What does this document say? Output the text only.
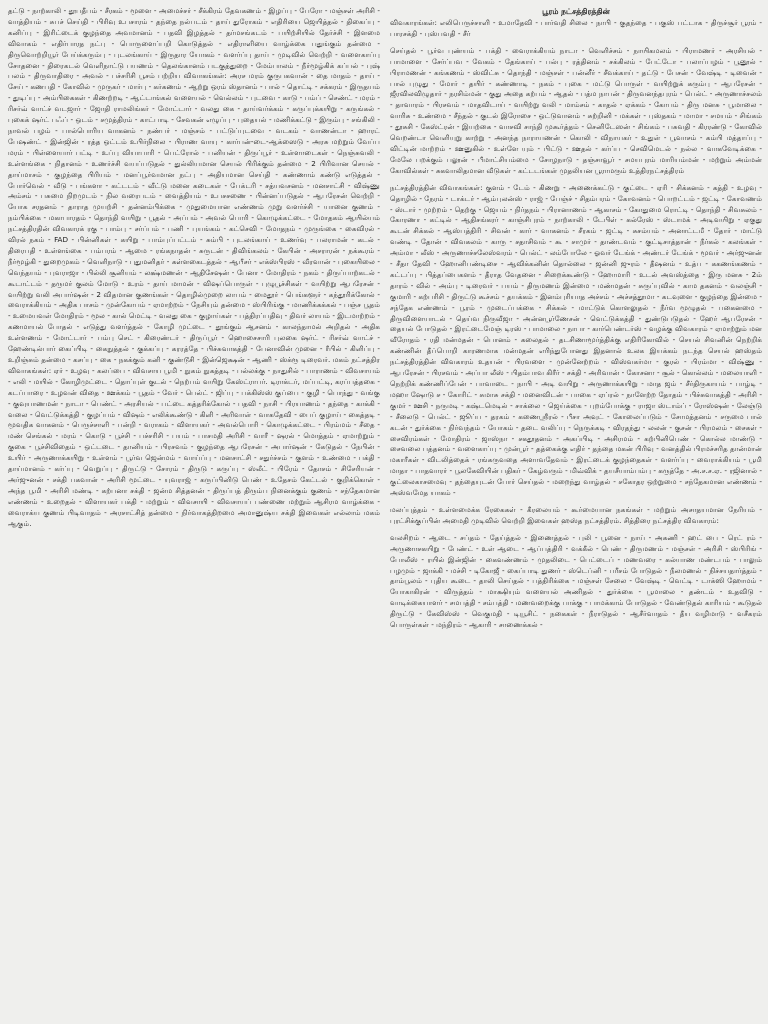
தட்டு - நாற்காலி - தூபதீபம் - சீரகம் - மூளை - அமைச்சர் - சீக்கிரம் தேவகணம் - இழப்பு - பேரோ - மஞ்சள் அரிசி - வாத்தியம் - சுபச் செய்தி - பிரிவு உபசாரம் - தந்தை நல்படம் - தாய் துரோகம் - எதிரியை ஜெயித்தல் - திகைப்பு - கனிப்பு - இரிட்டைக் குழந்தை அவமானம் - பதவி இழத்தல் - தர்மசங்கடம் - பயிற்சியில் தேர்ச்சி - இளமை விவாகம் - எதிர்பாரத நட்பு - பொருளைப்பறி கொடுத்தல் - எதிராளியை வாழ்க்கை பதுங்கும் தன்மை - திருவொற்றியூர் பேய்க்கரும்பு - புடலங்காய் - இருதார யோகம் - வளர்ப்பு தாய் - முடிவில் வெற்றி - வளைகாப்பு சோதனை - திரைகடல் வெளிநாட்டு பயணம் - தெலங்கானம் படகுத்துறை - மேம்பாலம் - நீர்மூழ்கிக் கப்பல் - புஷ் பலம் - திருவாதிரை - அவல் - பச்சரிசி பூசம் பற்றிய விவாகங்கள்: அரச மரம் குருபகவான் - தை மாதம் - தாய் - சேய் - கணபதி - கோவில் - முருகர் - மார்பு - கர்கணம் - ஆற்று ஒரம் ஸ்தானம் - பால் - தொட்டி - சக்கரம் - இருதயம் - துடிப்பு - அம்பிகைகள் - கிணற்றடி - ஆட்டாங்கல் வளையல் - வெல்லம் - புடவை - காடு - பம்ப் - செண்ட் - மரம் - ரிசர்வ் வாட்ச் வடஜார் - ஜோதி ராமலிங்கர் - மோட்டார் - வலது கை - தாய்வர்க்கம் - கருப்புக்கயிறு - கருங்கல் - புகைக் ஷர்ட் பஃப் - ஒடம் - சமுத்திரம் - காட்பாடி - சேவகன் எழுப்பு - புதையல் - மணிக்கட்டு - இரும்பு - சங்கிலி - நாவல் பழம் - பால்பொரிய வாகனம் - நண்பர் - மஞ்சம் - பட்டுப்புடவை - வடகம் - வாணன்டா - ஹாரட் பேஷண்ட் - இன்ஜின் - ரத்த ஒட்டம் உபிர்நிலை - பிராண வாயு - கார்பன்-டை-ஆக்ஸைடு - அரசு மற்றும் வேப்ப மரம் - பிள்ளையார் பட்டி - உப்பு வியாபாரி - பெட்ரோல் - பனியன் - திருப்பூர் - உள்ளாடைகள் - நெஞ்சுவலி - உள்ளங்கை - நிதானம் - உணர்ச்சி வயப்படுதல் - துல்லியமான செயல் பிரிக்கும் தன்மை - 2 பிரிவான செயல் - தாய்மாசம் - குழந்தை பிரியம் - மனப்பூர்வமான நட்பு - அதியமான செய்தி - கண்ணாம் கண்டு எடுத்தல் - போர்வெல் - வீடு - பங்களா - கட்டடம் - வீட்டு மனை கடைகள் - பேக்டரி - சத்யவசனம் - மனசாட்சி - விஷ்ணு அம்சம் - பசுமை நிறமுடம் - நில வரைபடம் - வைத்தியம் - உபசசணை - பின்னப்படுதல் - ஆபரேசன் வெற்றி - யோக சரதனம் - தாராத முயற்சி - தன்னம்பிக்கை - முதுமையான எண்ணம் முறு வளர்ச்சி - யானை குணம் - நம்பிக்கை - மகாபாரதம் - தொந்தி வயிறு - பூதல் - அப்பம் - அவல் பொரி - கொழுக்கட்டை - மோதகம் ஆயில்யம் நட்சத்திரதின் விவகாரக் ரகு - பாம்பு - சர்ப்பம் - பணி - புயங்கம் - கட்செவி - மோதநம் - முருங்கை - கைவிரல் - விரல் நகம் - FAD - பின்னிகள் - கயிறு - பாம்புப்பட்டம் - சும்பி - புடலங்காய் - உணர்வு - பலராமன் - கடல் - திரைபதி - உள்ளங்கை - பம்பரம் - ஆமை - ரங்கநாதன் - சுருடன் - திவிங்கலம் - கேபின் - அசராரன் - நக்கூரம் - நீர்மூழ்கி - துறைமுகம் - வெளிநாடு - புதுமனிதர் - கள்ளகைடத்தல் - ஆபீசர் - எக்ஸ்பிரஸ் - வீரவான் - புகையிலை - வெந்தயம் - புவராஜா - பில்லி சூனியம் - லக்ஷ்மணன் - ஆதிசேஷன் - பேனா - மோதிரம் - நகம் - திருப்பாற்கடல் - கூடாட்டம் - தருமர் குலம் மோடு - உரம் - தாய் மாமன் - விஷப்பொருள் - புழுபூச்சிகள் - வயிற்று ஆபரேசன் - வயிற்று வலி அபார்ஷன் - 2 விதமான குணங்கள் - தொழில்முறை லாபம் - மைதூர் - பெங்களூர் - கந்தூரிக்கோல் - வைராக்கியம் - அதிக பாசம் - முன்கோபம் - ஏமாற்றம் - நேசியும் தன்மை - ஸ்பிரிங்கு - மாணிக்கக்கல் - பஞ்ச பூதம் - உமையவள் மோதிரம் - மூல - கால் மெட்டி - வலது கை - குழாய்கள் - பத்திரப்பதிவு - திவர் லாயம் - இடமாற்றம் - கணமாயல் போதல் - எடுத்து வளர்த்தல் - கோழி முட்டை - தூங்கும் ஆசனம் - காலந்தாமல் அறிதல் - அதிக உள்ளணம் - மோட்டார் - பம்பு செட் - கிரைண்டர் - திருப்பூர் - ஹொசைசாரி புலகை ஷர்ட் - ரிசர்வ் வாட்ச் - ஹேண்டில்பார் கைப்பிடி - கைநுத்தல் - குக்கப்பு - கரரத்தே - பிச்சுவாகத்தி - பேனாவின் முனை - ரீபில் - கிளிப்பு - உறிஞ்சும் தன்மை - கசப்பு - கை - நகக்கும் கனி - குண்டூசி - இன்ஜெக்ஷன் - ஆணி - ஸ்க்ரூ டிரைவர். மகம் நட்சத்திர விவாகங்கள்: ஏர் - உழவு - கலப்பை - விவசாய பூமி - நுகம் நுகத்தடி - பல்லக்கு - நாதுசில் - பாராணம் - விவசாயம் - எலி - மயில் - கோழிமுட்டை - தொப்புள் குடல் - நெற்பம் வயிறு கேஸ்ட்ராபர். டிராக்டர், மப்பட்டி, கரப்பத்தகை - கடப்பாரை - உழவன் விதை - ஊக்கம் - பூதம் - வேர் - பெல்ட் - ஜிப்பு - பக்கிஸ்ஸ் குப்பை - குழி - பொந்து - வங்கு - குவுயாணமன் - நாடா - பெண்ட் - அரசியல் - பட்டை கத்தரிக்கோல் - பதவி - நாசி - பிரயாணம் - தந்தை - காக்கி - வலை - வெட்டுக்கத்தி - குழப்பம் - விஷம் - எலிக்கூண்டு - கிளி - அரிவாள் - வாகதேவி - பைப் குழாய் - கைத்தடி - மூவதிக வாகனம் - பெருச்சாளி - பன்றி - வராகம் - விளாயகர் - அவல்பொரி - கொழுக்கட்டை - பிரம்மம் - சீதை - மண் செங்கல் - மரம் - கொடு - பூச்சி - பச்சரிசி - பயம் - பாசமதி அரிசி - வாரீ - ஷரல் - மொத்தம் - ஏமாற்றும் - குகை - பூச்சிவிதைம் - ஒட்டடை - தானியம் - பிரசவம் - குழந்தை ஆபரேசன் - அபார்ஷன் - கேடுதல் - நேபின் - உயிர் - அருணாக்கயிறு - உள்ளம் - பூர்வ ஜென்மம் - வாய்ப்பு - மனசாட்சி - சதுர்ச்சம் - குளம் - உண்மை - பக்தி - தாய்மானம் - கர்ப்பு - வெறுப்பு - திருட்டு - சோரம் - திருடு - கருப்பு - ஸ்லீட் - பிரேம் - தோசம் - சிசேரியன் - அர்ஜுனன் - சக்தி பகவான் - அரிசி மூட்டை - யுவராஜ் - கருப்பினிடு பெண் - உதேசம் கேட்டல் - குறிக்கொள் - அந்த பூமி - அரிசி மண்டி - கற்பனா சக்தி - ஜன்ம சித்தனன் - திருப்பத் திரும்ப நினைக்கும் குணம் - சந்தேகமான எண்ணம் - உறைதல் - விளாயகர் பக்தி - மற்றும் - விவசாயி - விவசாயப் பண்ணை மற்றும் ஆசிரம வாழ்க்கை - வைராக்ய குணம் பிடிவாதம் - அரசாட்சித் தன்மை - நிர்வாகத்திறமை அமானுஷ்ய சக்தி இவைகள் எல்லாம் மகம் ஆகும்.

பூரம் நட்சத்திரத்தின்

விவகாரங்கள்: எலிபெருச்சாளி - உமாதேவி - பார்வதி சிலை - நாபி - குதந்தை - பகுஸ் பட்டாக - திருச்சூர் பூரம் - பாரசக்தி - புஸ்பவதி - சீர்

செய்தல் - பூர்வ புண்யம் - பக்தி - வைராக்கியம் நாடா - வெளிச்சம் - நாயிகமலம் - பிராமணர் - அரசியல் - பாமாளை - சேர்ப்பவ - வேகம் - தேங்காய் - பல்பு - ரத்தினம் - சக்கிலம் - பேட்டோ - பலாப்பழம் - பூனூல் - பிராமணன் - கங்கணம் - ஸ்விட்சு - தொந்தி - மஞ்சள் - பன்னீர் - சீவக்காய் - தட்டு - பேசன் - வேஷ்டி - டிவைன் - பால் புழுது - மோர் - தயிர் - கண்ணாடி - நகம் - புகை - மட்டு பொருள் - வயிற்றுக் கரும்பு - ஆபரேசன் - ஜீரவிலவிழுதார் - நரசிம்மன் - குது அதை கற்பம் - ஆதல் - பத்ம நாபன் - திருவனந்தபுரம் - பெல்ட் - அருணாச்சலம் - தாவாரம் - பிரசவம் - மாதவிடாய் - வயிற்று வலி - மாம்சம் - காதல் - ஏக்கம் - கோபம் - திரு மனசு - பூமாலை - வாரிசு - உண்மை - சீந்தல் - குடல் இரோசை - ஒட்டுவானம் - சுற்றினி - மக்கள் - புஸ்தகம் - மாமா - சமயம் - சிங்கம் - தூசுசி - கேஸ்ட்ரன் - இயற்கை - வாசவி சாந்தி முகூர்த்தம் - செனிடேஸன் - சிங்கம் - பசுவதி - கிரரண்டு - கோவில் வெறண்டா வெளியுறு காற்று - அனந்த நாராயணன் - கொலி - விநாயகர் - உதுள் - பூவாசம் - கம்பி மத்தாப்பு - விட்டின் மாற்றம் - ஊனுகில் - உள்ளே யும் - பிட்டு - ஊதல் - கர்ப்ப - செவிமெடல் - நல்ல - வாகவேடிக்கை - மேலே பறக்கும் பலூன் - பீமாட்சியம்மை - சோழநாடு - தஞ்சாவூர் - சமயபுரம் மாரியம்மன் - மற்றும் அம்மன் கோவில்கள் - சுகவாலிதமான வீடுகள் - கட்டடங்கள் முதலியன பூராமரும் உத்திரநட்சத்திரம்

நட்சத்திரத்தின் விவாகங்கள்: குளம் - டேம் - கிணறு - அணைக்கட்டு - குட்டை - ஏரி - சிக்கனம் - கத்தி - உழவு - தொழில் - நேரம் - டாக்டர் - ஆம்புலன்ஸ் - ராஜ் - பேஞ்ச் - சிதம்பரம் - கோவனம் - பொறட்டம் - ஜட்டி - கோவணம் - ஸ்டார் - முற்றம் - தெற்கு - ஜெயம் - நிர்தநம் - பிரானாணம் - ஆகாசம் - கோதுமை ரொட்டி - தொந்தி - சிவசுலம் - கோரணா - கட்டில் - ஆதிசங்கரர் - காஞ்சிபுரம் - நாற்காலி - டேபிள் - கல்ரேஸ் - ஸ்டாமக் - அடிவயிறு - ஏகுது கூடன் சிக்கல் - ஆஸ்பத்திரி - சிவன் - கார் - வாகனம் - சீரகம் - ஜட்டி - சுசம்யம் - அனாட்டமீ - தோர் - மாட்டு வண்டி - தோன் - விவகலம் - காரு - சதாசிவம் - கூ - சாமுர் - தாண்டவம் - குட்டிசாத்தான் - நீர்கல் - கலங்கள் - அம்மா - லீஸ் - அருணாச்சலேஸ்வரம் - பெல்ட் - லம்போலே - ஓவர் டேங்க் - அண்டர் டேங்க் - மூவர் - அர்ஜுனன் - சீதா தேவி - ஹோனிபண்டிசை - ஆவிக்கனின் தொல்லை - ஜன்னி ஜுரம் - தீஷனம் - உத்ப - ககணங்கணம் - கட்டப்பு - பித்தப்பைகளம் - தீராத வேதனை - சிறைக்கூண்டு - ஹோமாரி - உடல் அவஸ்த்தை - இரு மனசு - 2ம் தாரம் - வில் - அம்பு - டிரைவர் - பயம் - திருமணம் இன்மை - மண்மதன் - சுருப்புவில் - காம தகனம் - வலஞ்சி - குமாரி - கற்பரிசி - திருட்டு கூச்சம் - தயக்கம் - இனம்புரியாத அச்சம் - அச்சத்தூமா - கடவுளை - குழந்தை இன்மை - சந்தேக எண்ணம் - பூரம் - முடைப்பக்கை - சிக்கல் - மாட்டுக் கொளலுதல் - நீர்வ மூழுதல் - பகைனமை - திருவிளையாடல் - தெய்வ நிருவீஜா - அன்னபூர்ணேசன் - வெட்டுக்கத்தி - துண்டுபடுதல் - ஹேர் ஆபரேசன் - தையல் போடுதல் - இரட்டைமேஞ் டிரஸ் - பாமாலை - நாபா - கார்பெண்டர்ஸ் - வழக்கு விவகாரம் - ஏமாற்றும் மன வீரோதம் - ரதி மன்மதன் - பொனம் - கலைதல் - தடசிணாமூர்த்திக்கு எதிரிகோவில் - செயல் சிவனின் நெற்றிக் கண்ணின் தீப்பொறி காரணமாக மன்மதன் எரிந்துபோனது இதனால் உலக இயக்கம் நடந்த செயல் ஹஸ்தம் நட்சத்திரத்தின் விவகாரம் உதயன் - பிரவளை - முன்னேற்றம் - விஸ்வகர்மா - குரல் - பிரம்மா - விஷ்ணு - ஆபரேசன் - பிரசவம் - அப்பா லீஸ் - பிதம்பாவ கிரீர் - சக்தி - அரிவான் - கோசனா - சூல் - கொல்லம் - மலையாளி - நெற்றிக் கண்ணிப்பேன் - பாவாடை - நாபி - அடி வயிறு - அருணாக்கயிறு - மாத ஜம் - சீர்திருகாயம் - பாழ்டி - மஹா ஷோடு ச - கோரிட் - சுமாசு சக்தி - மனைவிடன் - பாகை - ஏப்ரல் - நாளேற்ற தோதம் - பிச்சுவாகத்தி - அரிசி - குமர் - ஊசி - நருமடி - கஷ்டமெடில் - சாக்லை - ஜெய்க்கை - புறம்போக்கு - ராஜா ஸ்டாம்ப் - ரோஸ்ஷன் - லேஞ்டு - சீலைடு - பெல்ட் - ஜூப்ப - தரகம் - கணைஸ்ரீரல் - பீசா அவுட் - கோலைப்படும் - சோமத்தனம் - சருமை பால் கடன் - துர்க்கை - நிர்வந்தம் - யோகம் - தடை வலிப்பு - நெருக்கடி - விரதந்து - லலன் - குசன் - பிரமலம் - சைகள் - சைவிரம்கள் - மோதிரம் - ஜாஸ்நா - சகதூதனம் - அகப்பிடி - அசிரமம் - கற்பினிபெண் - கொல்ல மாண்டு - சைவலை பத்தனம் - வளைகாப்பு - முன்பூர் - தத்கைக்கு எதிர் - தந்தை மகன் பிரிவு - வனத்தில் பிரமச்சரித தான்மான் மகாரீகள் - விடலித்தைக் - ரங்கருவதை அளாவதேவம் - இரட்டைக் குழந்தைகள் - வளர்ப்பு - வைராக்கியம் - பூமி மாதா - பாதவாரர் - பூலகேவியின் பதிகர் - கேழ்வரும் - மிவ்விக் - தயசீயாம்பம்பு - கருத்தே - அ.ச.ச.ஏ. - ரஜினால் - குட்லைகாசமைவு - தந்தையுடன் போர் செய்தல் - மறைந்து வாழ்தல் - சகோதர ஒற்றுமை - சந்தேகமான எண்ணம் - அஸ்வமேத யாகம் -

மலப்புத்தம் - உள்ளமைக்க ரேகைகள் - கீரலையம் - கூர்மையான நகங்கள் - மற்றும் அசாதயமான நேரியம் - புரட்சிக்குப்பின் அமைதி முடிவில் வெற்றி இவைகள் ஹஸ்த நட்சத்திரம். சித்திரை நட்சத்திர விவகாரம்:

வலசிறம் - ஆடை - சப்தம் - தேய்த்தல் - இணைத்தல் - புலி - பூனை - நாய் - அகணி - ஹட் பை - ரெட் ரம் - அருணாசகயிறு - பேண்ட் - உள் ஆடை - ஆப்பத்திரி - வக்கீல் - பெண் - திருமணம் - மஞ்சள் - அரிசி - ஸ்பிரிங் - போலீஸ் - ரயில் இன்ஜின் - கைவண்ணம் - முதலிடை - பெட்டைப் - மணவரை - கல்யாண மண்டபம் - பாலும் பழமும் - ஜாக்கி - மச்சி - டிகோஜீ - கைப்பாடி துணர் - ஸ்டெப்னி - பரீசம் போடுதல் - நீலமணல் - நிச்சயதார்த்தம் - தாம்பூலம் - புதிய கூடை - தாலி செய்தல் - பத்திரிக்கை - மஞ்சள் சேலை - வேஷ்டி - வெட்டி - டாக்ஸி ஹோமம் - யோகாகிரன் - விருத்தம் - மாக்ஷியும் வளையல் அணிதல் - துர்க்கை - பூமாலை - தண்டம் - உதவிடு - வாடிக்கையாளர் - சமபத்தி - சம்பத்தி - மணவறைக்கு பாக்கு - பாமக்காம் போடுதல் - வேண்டுதல் காரியம் - கூடுதல் திருட்டு - கேவிஸ்ஸ் - வெகுமதி - டியூசிட் - நகைகள் - நீராடுதல் - ஆசீர்வாதம் - தீய வழிமாடு - வசீகரம் பொருள்கள் - மந்திரம் - ஆகாரி - சாணைக்கல் -
